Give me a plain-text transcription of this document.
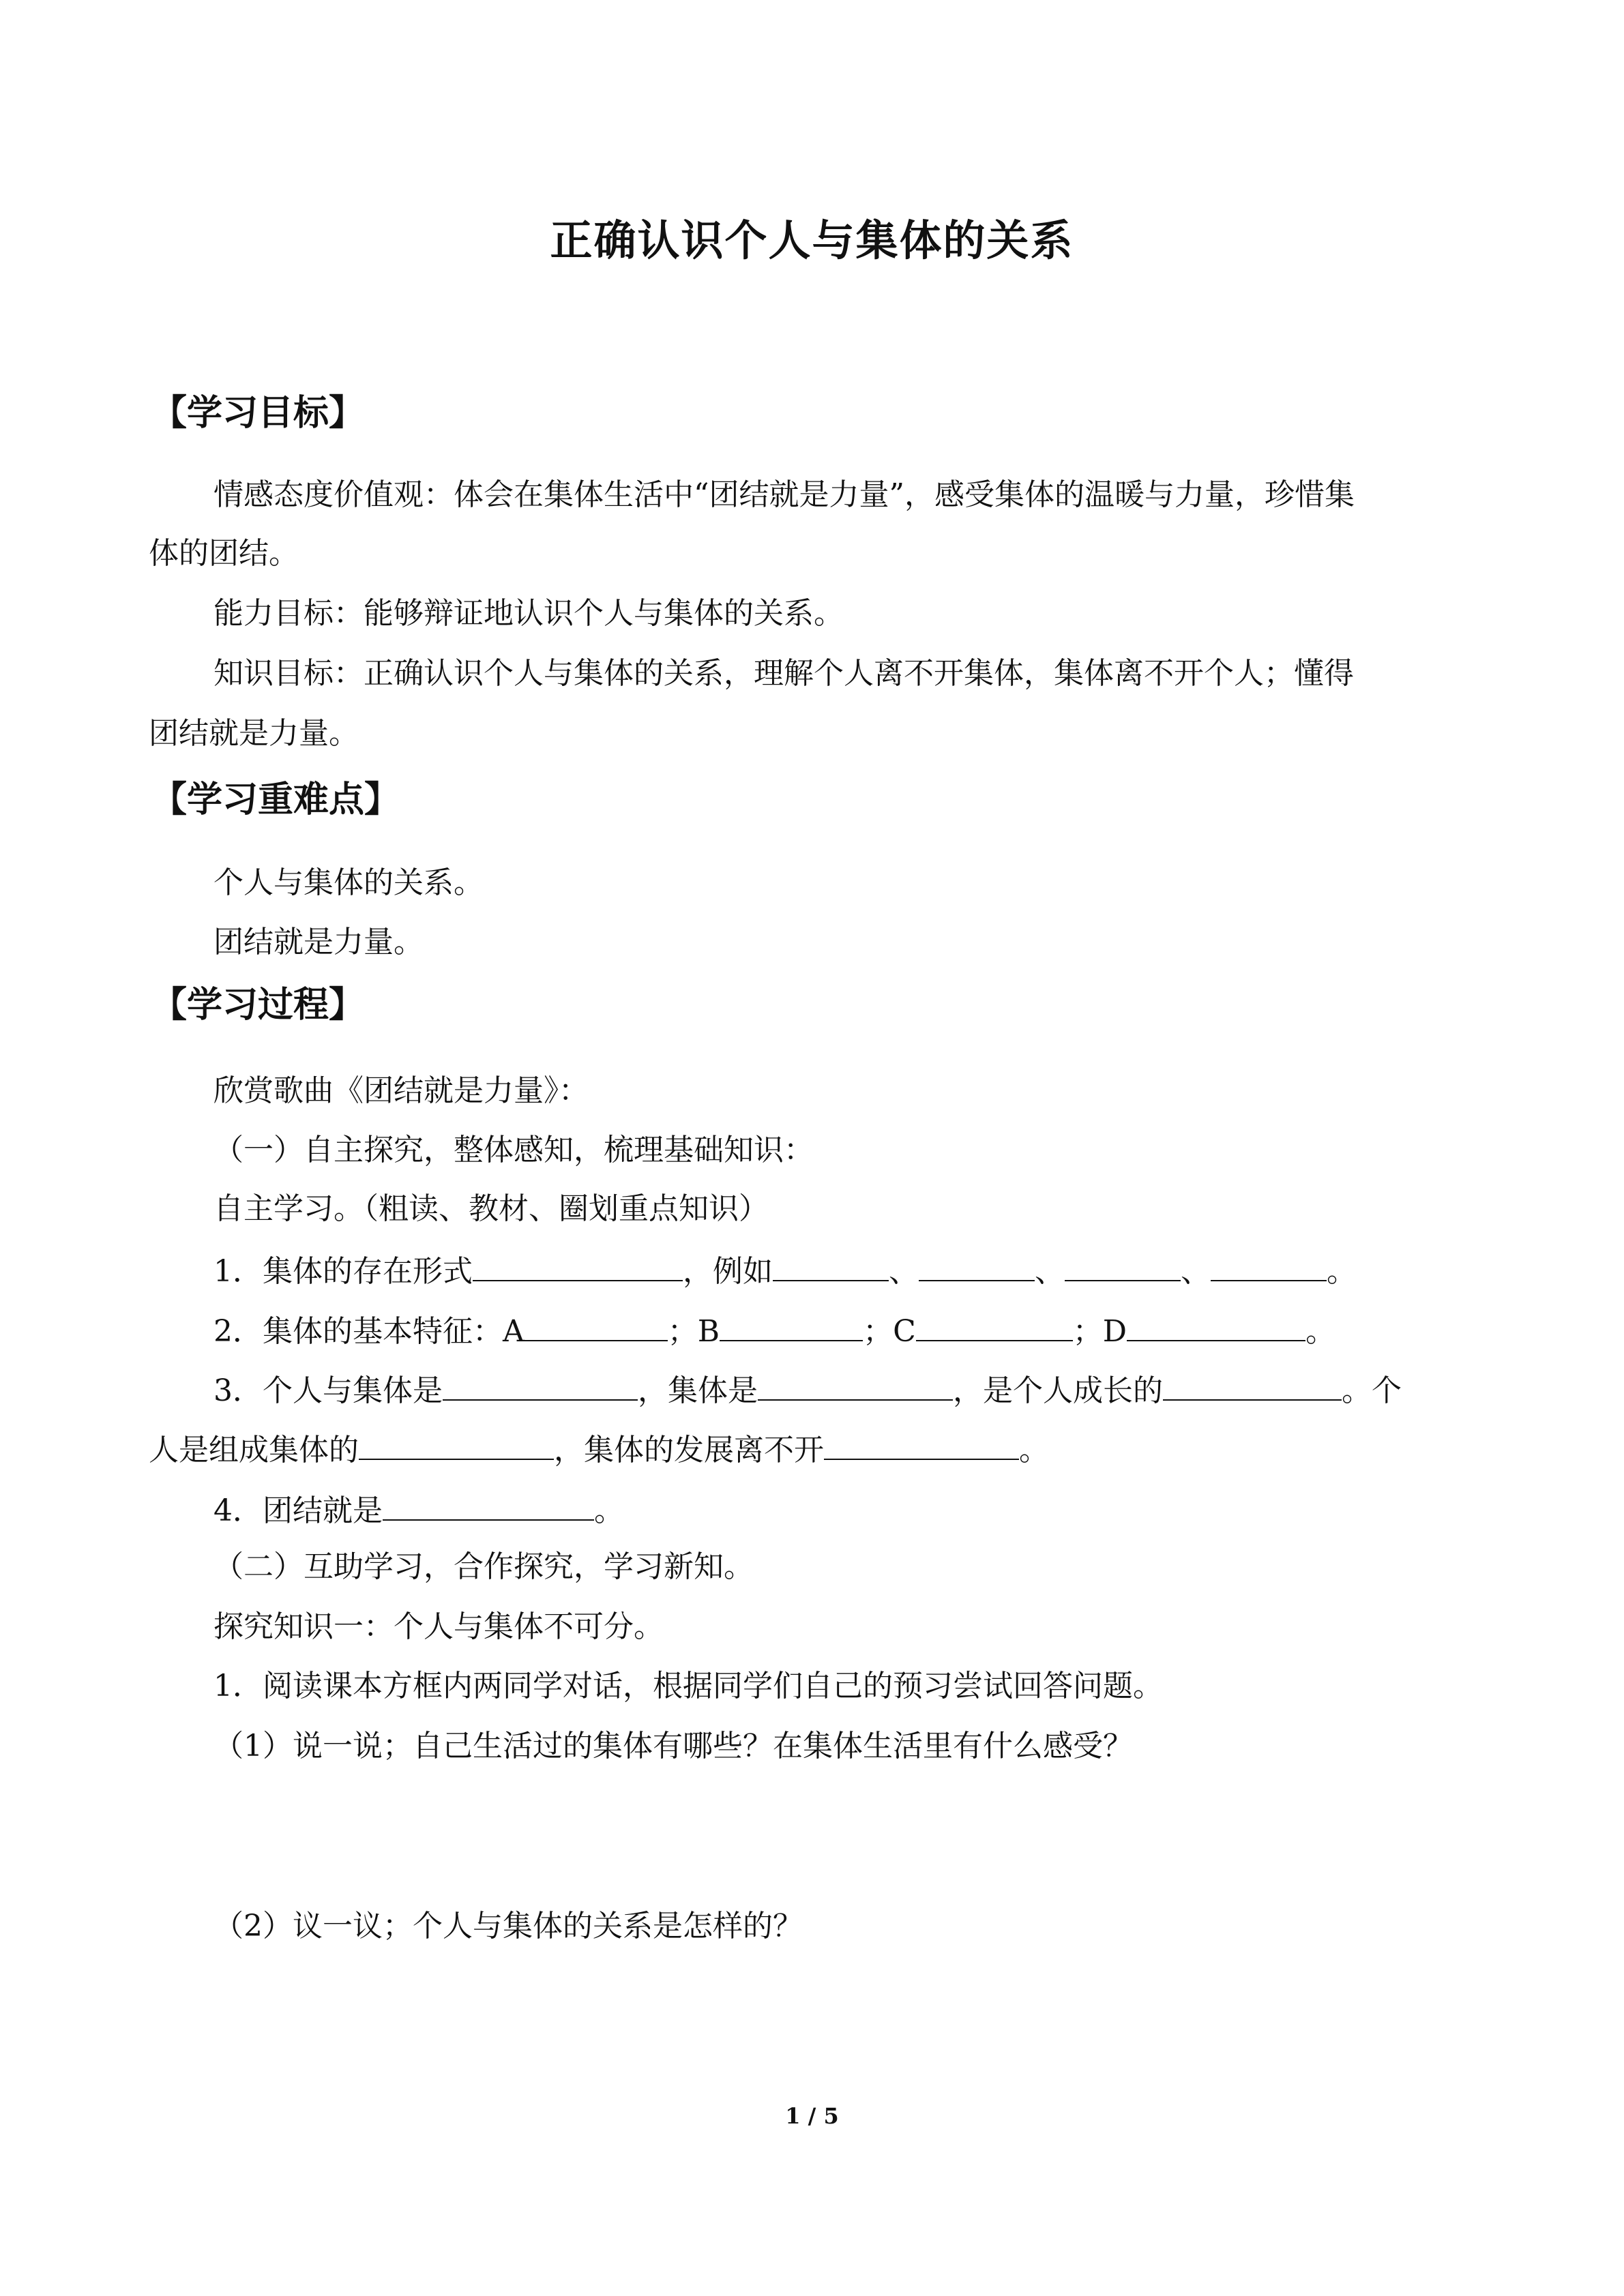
正确认识个人与集体的关系
【学习目标】

情感态度价值观：体会在集体生活中“团结就是力量”，感受集体的温暖与力量，珍惜集

体的团结。

能力目标：能够辩证地认识个人与集体的关系。

知识目标：正确认识个人与集体的关系，理解个人离不开集体，集体离不开个人；懂得

团结就是力量。

【学习重难点】

个人与集体的关系。

团结就是力量。

【学习过程】

欣赏歌曲《团结就是力量》：

（一）自主探究，整体感知，梳理基础知识：

自主学习。（粗读、教材、圈划重点知识）

1．集体的存在形式	，例如	、	、	、	。

2．集体的基本特征：A	；B	；C	；D	。

3．个人与集体是	，集体是	，是个人成长的	。个

人是组成集体的	，集体的发展离不开	。

4．团结就是	。

（二）互助学习，合作探究，学习新知。

探究知识一：个人与集体不可分。

1．阅读课本方框内两同学对话，根据同学们自己的预习尝试回答问题。

（1）说一说；自己生活过的集体有哪些？在集体生活里有什么感受？

（2）议一议；个人与集体的关系是怎样的？

1 / 5
